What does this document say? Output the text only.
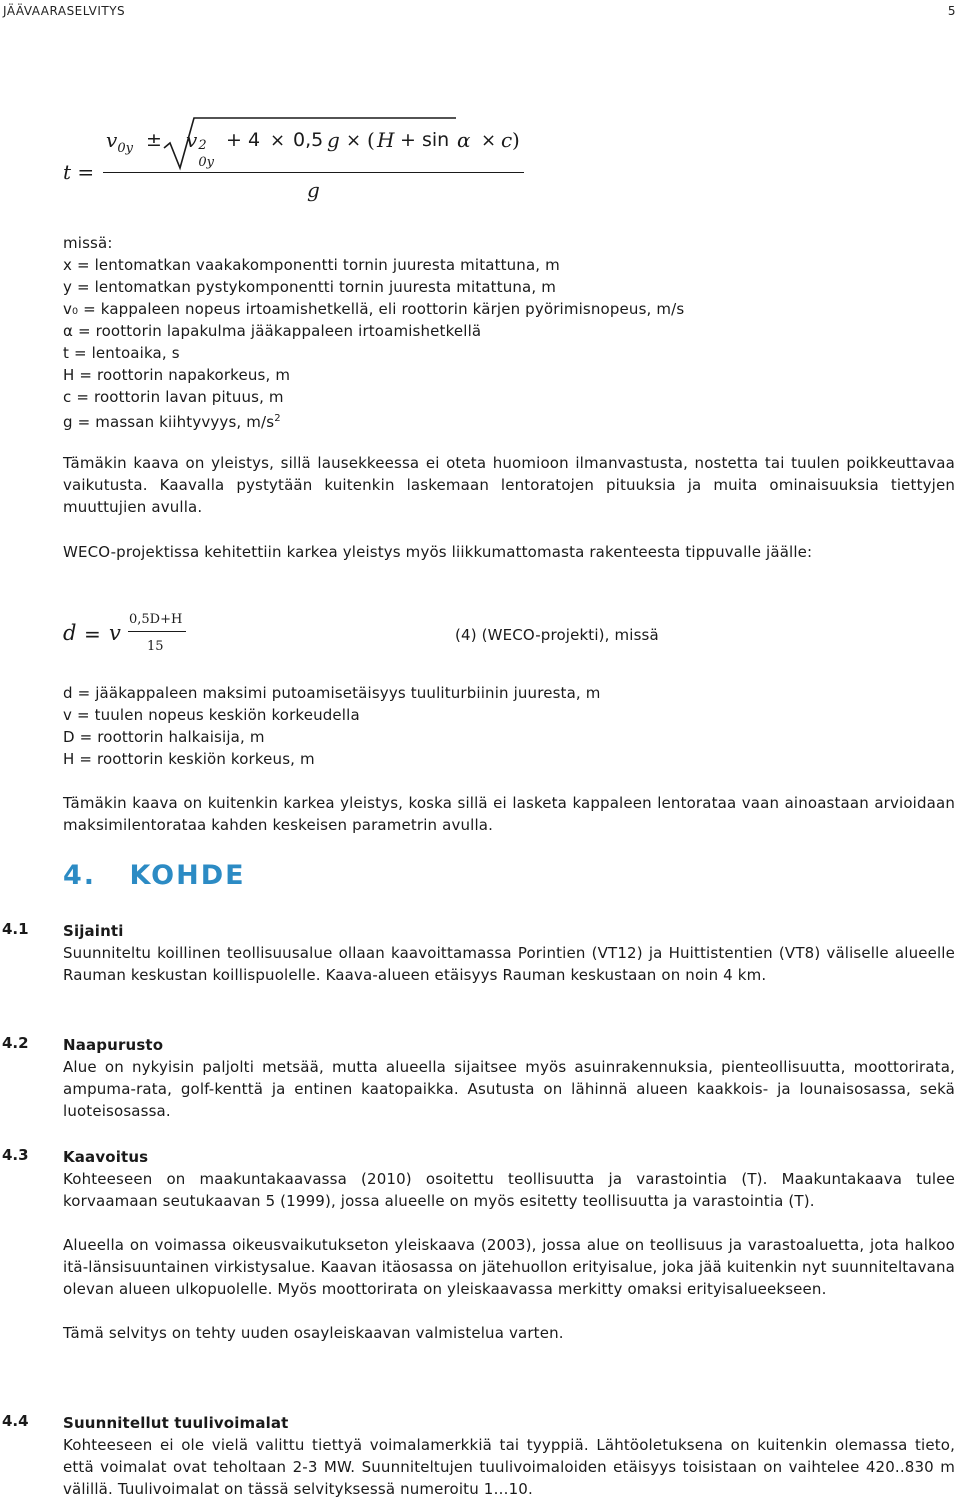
JÄÄVAARASELVITYS	5
t =
$v_{0y} \pm v$ 2
0y
+ 4 × 0,5 g × ( H + sin α × c )
g
missä:
x = lentomatkan vaakakomponentti tornin juuresta mitattuna, m
y = lentomatkan pystykomponentti tornin juuresta mitattuna, m
v₀ = kappaleen nopeus irtoamishetkellä, eli roottorin kärjen pyörimisnopeus, m/s
α = roottorin lapakulma jääkappaleen irtoamishetkellä
t = lentoaika, s
H = roottorin napakorkeus, m
c = roottorin lavan pituus, m
g = massan kiihtyvyys, $m/s^2$

Tämäkin kaava on yleistys, sillä lausekkeessa ei oteta huomioon ilmanvastusta, nostetta tai tuulen poikkeuttavaa vaikutusta. Kaavalla pystytään kuitenkin laskemaan lentoratojen pituuksia ja muita ominaisuuksia tiettyjen muuttujien avulla.

WECO-projektissa kehitettiin karkea yleistys myös liikkumattomasta rakenteesta tippuvalle jäälle:

d = v
0,5D+H
15
(4) (WECO-projekti), missä
d = jääkappaleen maksimi putoamisetäisyys tuuliturbiinin juuresta, m
v = tuulen nopeus keskiön korkeudella
D = roottorin halkaisija, m
H = roottorin keskiön korkeus, m

Tämäkin kaava on kuitenkin karkea yleistys, koska sillä ei lasketa kappaleen lentorataa vaan ainoastaan arvioidaan maksimilentorataa kahden keskeisen parametrin avulla.

4. KOHDE
4.1 Sijainti

Suunniteltu koillinen teollisuusalue ollaan kaavoittamassa Porintien (VT12) ja Huittistentien (VT8) väliselle alueelle Rauman keskustan koillispuolelle. Kaava-alueen etäisyys Rauman keskustaan on noin 4 km.

4.2 Naapurusto

Alue on nykyisin paljolti metsää, mutta alueella sijaitsee myös asuinrakennuksia, pienteollisuutta, moottorirata, ampuma-rata, golf-kenttä ja entinen kaatopaikka. Asutusta on lähinnä alueen kaakkois- ja lounaisosassa, sekä luoteisosassa.

4.3 Kaavoitus

Kohteeseen on maakuntakaavassa (2010) osoitettu teollisuutta ja varastointia (T). Maakuntakaava tulee korvaamaan seutukaavan 5 (1999), jossa alueelle on myös esitetty teollisuutta ja varastointia (T).

Alueella on voimassa oikeusvaikutukseton yleiskaava (2003), jossa alue on teollisuus ja varastoaluetta, jota halkoo itä-länsisuuntainen virkistysalue. Kaavan itäosassa on jätehuollon erityisalue, joka jää kuitenkin nyt suunniteltavana olevan alueen ulkopuolelle. Myös moottorirata on yleiskaavassa merkitty omaksi erityisalueekseen.

Tämä selvitys on tehty uuden osayleiskaavan valmistelua varten.

4.4 Suunnitellut tuulivoimalat

Kohteeseen ei ole vielä valittu tiettyä voimalamerkkiä tai tyyppiä. Lähtöoletuksena on kuitenkin olemassa tieto, että voimalat ovat teholtaan 2-3 MW. Suunniteltujen tuulivoimaloiden etäisyys toisistaan on vaihtelee 420..830 m välillä. Tuulivoimalat on tässä selvityksessä numeroitu 1…10.
